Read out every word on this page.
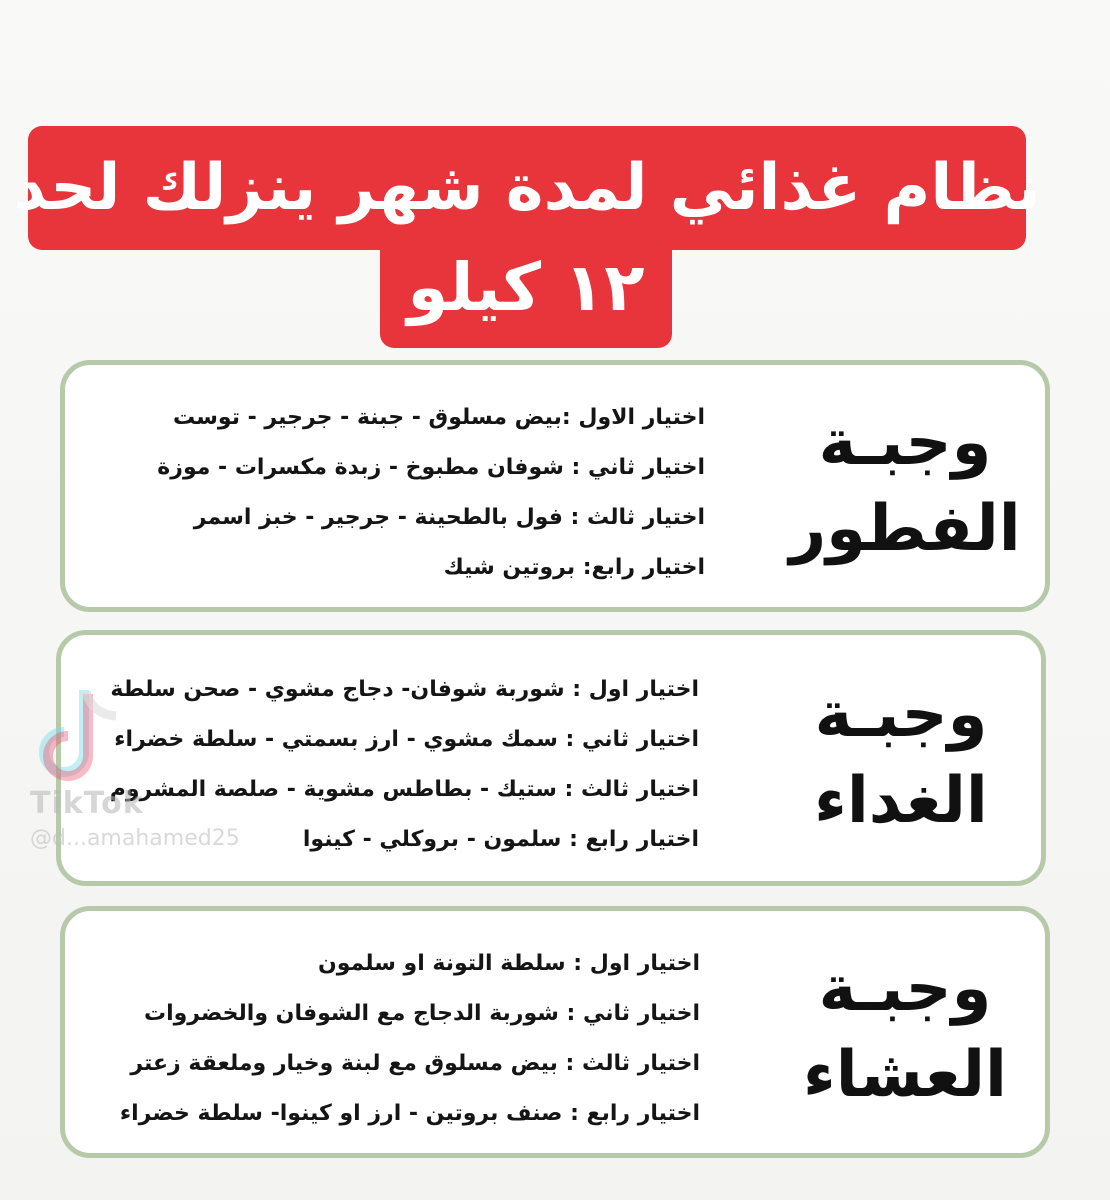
نظام غذائي لمدة شهر ينزلك لحد
١٢ كيلو
وجبـة
الفطور
اختيار الاول :بيض مسلوق - جبنة - جرجير - توست
اختيار ثاني : شوفان مطبوخ - زبدة مكسرات - موزة
اختيار ثالث : فول بالطحينة - جرجير - خبز اسمر
اختيار رابع: بروتين شيك
وجبـة
الغداء
اختيار اول : شوربة شوفان- دجاج مشوي - صحن سلطة
اختيار ثاني : سمك مشوي - ارز بسمتي - سلطة خضراء
اختيار ثالث : ستيك - بطاطس مشوية - صلصة المشروم
اختيار رابع : سلمون - بروكلي - كينوا
وجبـة
العشاء
اختيار اول : سلطة التونة او سلمون
اختيار ثاني : شوربة الدجاج مع الشوفان والخضروات
اختيار ثالث : بيض مسلوق مع لبنة وخيار وملعقة زعتر
اختيار رابع : صنف بروتين - ارز او كينوا- سلطة خضراء
TikTok
@d...amahamed25
